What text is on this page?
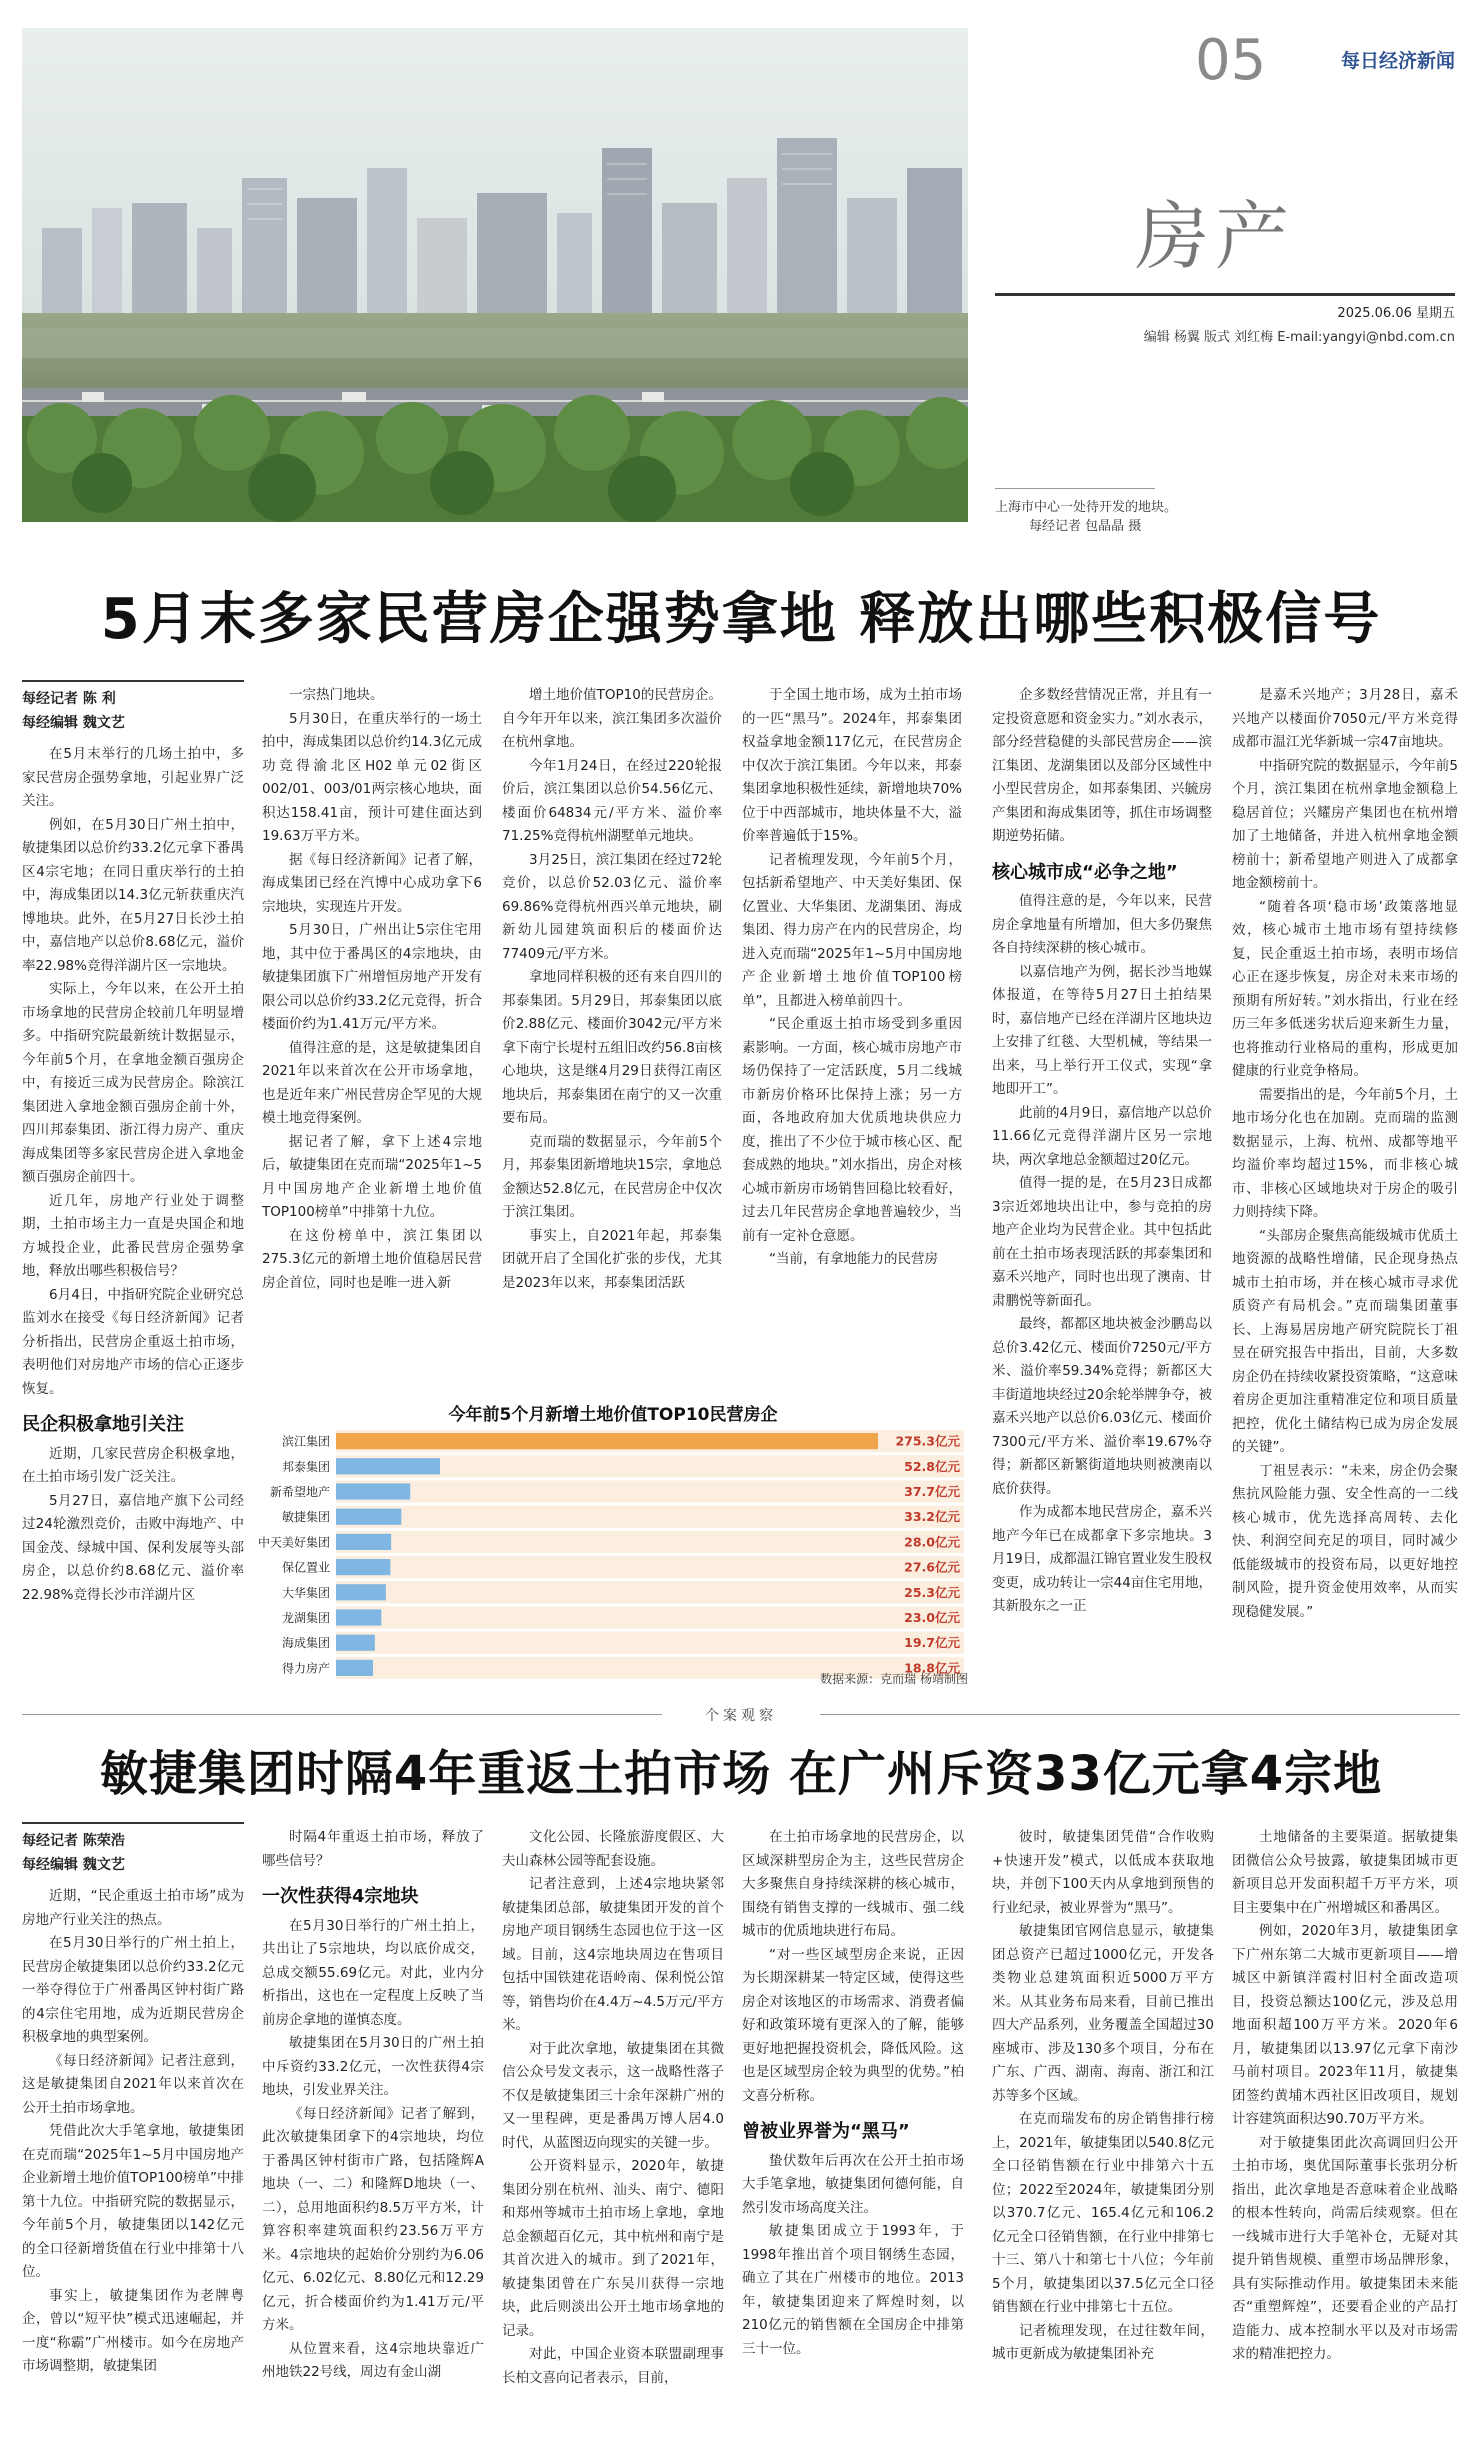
05	每日经济新闻
房产
2025.06.06 星期五
编辑 杨翼 版式 刘红梅 E-mail:yangyi@nbd.com.cn
上海市中心一处待开发的地块。
每经记者 包晶晶 摄
5月末多家民营房企强势拿地 释放出哪些积极信号

每经记者 陈 利

每经编辑 魏文艺

在5月末举行的几场土拍中，多家民营房企强势拿地，引起业界广泛关注。

例如，在5月30日广州土拍中，敏捷集团以总价约33.2亿元拿下番禺区4宗宅地；在同日重庆举行的土拍中，海成集团以14.3亿元斩获重庆汽博地块。此外，在5月27日长沙土拍中，嘉信地产以总价8.68亿元，溢价率22.98%竞得洋湖片区一宗地块。

实际上，今年以来，在公开土拍市场拿地的民营房企较前几年明显增多。中指研究院最新统计数据显示，今年前5个月，在拿地金额百强房企中，有接近三成为民营房企。除滨江集团进入拿地金额百强房企前十外，四川邦泰集团、浙江得力房产、重庆海成集团等多家民营房企进入拿地金额百强房企前四十。

近几年，房地产行业处于调整期，土拍市场主力一直是央国企和地方城投企业，此番民营房企强势拿地，释放出哪些积极信号？

6月4日，中指研究院企业研究总监刘水在接受《每日经济新闻》记者分析指出，民营房企重返土拍市场，表明他们对房地产市场的信心正逐步恢复。

民企积极拿地引关注

近期，几家民营房企积极拿地，在土拍市场引发广泛关注。

5月27日，嘉信地产旗下公司经过24轮激烈竞价，击败中海地产、中国金茂、绿城中国、保利发展等头部房企，以总价约8.68亿元、溢价率22.98%竞得长沙市洋湖片区

一宗热门地块。

5月30日，在重庆举行的一场土拍中，海成集团以总价约14.3亿元成功竞得渝北区H02单元02街区002/01、003/01两宗核心地块，面积达158.41亩，预计可建住面达到19.63万平方米。

据《每日经济新闻》记者了解，海成集团已经在汽博中心成功拿下6宗地块，实现连片开发。

5月30日，广州出让5宗住宅用地，其中位于番禺区的4宗地块，由敏捷集团旗下广州增恒房地产开发有限公司以总价约33.2亿元竞得，折合楼面价约为1.41万元/平方米。

值得注意的是，这是敏捷集团自2021年以来首次在公开市场拿地，也是近年来广州民营房企罕见的大规模土地竞得案例。

据记者了解，拿下上述4宗地后，敏捷集团在克而瑞“2025年1~5月中国房地产企业新增土地价值TOP100榜单”中排第十九位。

在这份榜单中，滨江集团以275.3亿元的新增土地价值稳居民营房企首位，同时也是唯一进入新

增土地价值TOP10的民营房企。自今年开年以来，滨江集团多次溢价在杭州拿地。

今年1月24日，在经过220轮报价后，滨江集团以总价54.56亿元、楼面价64834元/平方米、溢价率71.25%竞得杭州湖墅单元地块。

3月25日，滨江集团在经过72轮竞价，以总价52.03亿元、溢价率69.86%竞得杭州西兴单元地块，刷新幼儿园建筑面积后的楼面价达77409元/平方米。

拿地同样积极的还有来自四川的邦泰集团。5月29日，邦泰集团以底价2.88亿元、楼面价3042元/平方米拿下南宁长堤村五组旧改约56.8亩核心地块，这是继4月29日获得江南区地块后，邦泰集团在南宁的又一次重要布局。

克而瑞的数据显示，今年前5个月，邦泰集团新增地块15宗，拿地总金额达52.8亿元，在民营房企中仅次于滨江集团。

事实上，自2021年起，邦泰集团就开启了全国化扩张的步伐，尤其是2023年以来，邦泰集团活跃

于全国土地市场，成为土拍市场的一匹“黑马”。2024年，邦泰集团权益拿地金额117亿元，在民营房企中仅次于滨江集团。今年以来，邦泰集团拿地积极性延续，新增地块70%位于中西部城市，地块体量不大，溢价率普遍低于15%。

记者梳理发现，今年前5个月，包括新希望地产、中天美好集团、保亿置业、大华集团、龙湖集团、海成集团、得力房产在内的民营房企，均进入克而瑞“2025年1~5月中国房地产企业新增土地价值TOP100榜单”，且都进入榜单前四十。

“民企重返土拍市场受到多重因素影响。一方面，核心城市房地产市场仍保持了一定活跃度，5月二线城市新房价格环比保持上涨；另一方面，各地政府加大优质地块供应力度，推出了不少位于城市核心区、配套成熟的地块。”刘水指出，房企对核心城市新房市场销售回稳比较看好，过去几年民营房企拿地普遍较少，当前有一定补仓意愿。

“当前，有拿地能力的民营房

企多数经营情况正常，并且有一定投资意愿和资金实力。”刘水表示，部分经营稳健的头部民营房企——滨江集团、龙湖集团以及部分区域性中小型民营房企，如邦泰集团、兴毓房产集团和海成集团等，抓住市场调整期逆势拓储。

核心城市成“必争之地”

值得注意的是，今年以来，民营房企拿地量有所增加，但大多仍聚焦各自持续深耕的核心城市。

以嘉信地产为例，据长沙当地媒体报道，在等待5月27日土拍结果时，嘉信地产已经在洋湖片区地块边上安排了红毯、大型机械，等结果一出来，马上举行开工仪式，实现“拿地即开工”。

此前的4月9日，嘉信地产以总价11.66亿元竞得洋湖片区另一宗地块，两次拿地总金额超过20亿元。

值得一提的是，在5月23日成都3宗近郊地块出让中，参与竞拍的房地产企业均为民营企业。其中包括此前在土拍市场表现活跃的邦泰集团和嘉禾兴地产，同时也出现了澳南、甘肃鹏悦等新面孔。

最终，都都区地块被金沙鹏岛以总价3.42亿元、楼面价7250元/平方米、溢价率59.34%竞得；新都区大丰街道地块经过20余轮举牌争夺，被嘉禾兴地产以总价6.03亿元、楼面价7300元/平方米、溢价率19.67%夺得；新都区新繁街道地块则被澳南以底价获得。

作为成都本地民营房企，嘉禾兴地产今年已在成都拿下多宗地块。3月19日，成都温江锦官置业发生股权变更，成功转让一宗44亩住宅用地，其新股东之一正

是嘉禾兴地产；3月28日，嘉禾兴地产以楼面价7050元/平方米竞得成都市温江光华新城一宗47亩地块。

中指研究院的数据显示，今年前5个月，滨江集团在杭州拿地金额稳上稳居首位；兴耀房产集团也在杭州增加了土地储备，并进入杭州拿地金额榜前十；新希望地产则进入了成都拿地金额榜前十。

“随着各项‘稳市场’政策落地显效，核心城市土地市场有望持续修复，民企重返土拍市场，表明市场信心正在逐步恢复，房企对未来市场的预期有所好转。”刘水指出，行业在经历三年多低迷劣状后迎来新生力量，也将推动行业格局的重构，形成更加健康的行业竞争格局。

需要指出的是，今年前5个月，土地市场分化也在加剧。克而瑞的监测数据显示，上海、杭州、成都等地平均溢价率均超过15%，而非核心城市、非核心区域地块对于房企的吸引力则持续下降。

“头部房企聚焦高能级城市优质土地资源的战略性增储，民企现身热点城市土拍市场，并在核心城市寻求优质资产有局机会。”克而瑞集团董事长、上海易居房地产研究院院长丁祖昱在研究报告中指出，目前，大多数房企仍在持续收紧投资策略，“这意味着房企更加注重精准定位和项目质量把控，优化土储结构已成为房企发展的关键”。

丁祖昱表示：“未来，房企仍会聚焦抗风险能力强、安全性高的一二线核心城市，优先选择高周转、去化快、利润空间充足的项目，同时减少低能级城市的投资布局，以更好地控制风险，提升资金使用效率，从而实现稳健发展。”

今年前5个月新增土地价值TOP10民营房企
滨江集团	275.3亿元
邦泰集团	52.8亿元
新希望地产	37.7亿元
敏捷集团	33.2亿元
中天美好集团	28.0亿元
保亿置业	27.6亿元
大华集团	25.3亿元
龙湖集团	23.0亿元
海成集团	19.7亿元
得力房产	18.8亿元
数据来源：克而瑞 杨靖制图
个案观察
敏捷集团时隔4年重返土拍市场 在广州斥资33亿元拿4宗地

每经记者 陈荣浩

每经编辑 魏文艺

近期，“民企重返土拍市场”成为房地产行业关注的热点。

在5月30日举行的广州土拍上，民营房企敏捷集团以总价约33.2亿元一举夺得位于广州番禺区钟村街广路的4宗住宅用地，成为近期民营房企积极拿地的典型案例。

《每日经济新闻》记者注意到，这是敏捷集团自2021年以来首次在公开土拍市场拿地。

凭借此次大手笔拿地，敏捷集团在克而瑞“2025年1~5月中国房地产企业新增土地价值TOP100榜单”中排第十九位。中指研究院的数据显示，今年前5个月，敏捷集团以142亿元的全口径新增货值在行业中排第十八位。

事实上，敏捷集团作为老牌粤企，曾以“短平快”模式迅速崛起，并一度“称霸”广州楼市。如今在房地产市场调整期，敏捷集团

时隔4年重返土拍市场，释放了哪些信号？

一次性获得4宗地块

在5月30日举行的广州土拍上，共出让了5宗地块，均以底价成交，总成交额55.69亿元。对此，业内分析指出，这也在一定程度上反映了当前房企拿地的谨慎态度。

敏捷集团在5月30日的广州土拍中斥资约33.2亿元，一次性获得4宗地块，引发业界关注。

《每日经济新闻》记者了解到，此次敏捷集团拿下的4宗地块，均位于番禺区钟村街市广路，包括隆辉A地块（一、二）和隆辉D地块（一、二），总用地面积约8.5万平方米，计算容积率建筑面积约23.56万平方米。4宗地块的起始价分别约为6.06亿元、6.02亿元、8.80亿元和12.29亿元，折合楼面价约为1.41万元/平方米。

从位置来看，这4宗地块靠近广州地铁22号线，周边有金山湖

文化公园、长隆旅游度假区、大夫山森林公园等配套设施。

记者注意到，上述4宗地块紧邻敏捷集团总部，敏捷集团开发的首个房地产项目钢绣生态园也位于这一区域。目前，这4宗地块周边在售项目包括中国铁建花语岭南、保利悦公馆等，销售均价在4.4万~4.5万元/平方米。

对于此次拿地，敏捷集团在其微信公众号发文表示，这一战略性落子不仅是敏捷集团三十余年深耕广州的又一里程碑，更是番禺万博人居4.0时代，从蓝图迈向现实的关键一步。

公开资料显示，2020年，敏捷集团分别在杭州、汕头、南宁、德阳和郑州等城市土拍市场上拿地，拿地总金额超百亿元，其中杭州和南宁是其首次进入的城市。到了2021年，敏捷集团曾在广东吴川获得一宗地块，此后则淡出公开土地市场拿地的记录。

对此，中国企业资本联盟副理事长柏文喜向记者表示，目前，

在土拍市场拿地的民营房企，以区域深耕型房企为主，这些民营房企大多聚焦自身持续深耕的核心城市，围绕有销售支撑的一线城市、强二线城市的优质地块进行布局。

“对一些区域型房企来说，正因为长期深耕某一特定区域，使得这些房企对该地区的市场需求、消费者偏好和政策环境有更深入的了解，能够更好地把握投资机会，降低风险。这也是区域型房企较为典型的优势。”柏文喜分析称。

曾被业界誉为“黑马”

蛰伏数年后再次在公开土拍市场大手笔拿地，敏捷集团何德何能，自然引发市场高度关注。

敏捷集团成立于1993年，于1998年推出首个项目钢绣生态园，确立了其在广州楼市的地位。2013年，敏捷集团迎来了辉煌时刻，以210亿元的销售额在全国房企中排第三十一位。

彼时，敏捷集团凭借“合作收购+快速开发”模式，以低成本获取地块，并创下100天内从拿地到预售的行业纪录，被业界誉为“黑马”。

敏捷集团官网信息显示，敏捷集团总资产已超过1000亿元，开发各类物业总建筑面积近5000万平方米。从其业务布局来看，目前已推出四大产品系列，业务覆盖全国超过30座城市、涉及130多个项目，分布在广东、广西、湖南、海南、浙江和江苏等多个区域。

在克而瑞发布的房企销售排行榜上，2021年，敏捷集团以540.8亿元全口径销售额在行业中排第六十五位；2022至2024年，敏捷集团分别以370.7亿元、165.4亿元和106.2亿元全口径销售额，在行业中排第七十三、第八十和第七十八位；今年前5个月，敏捷集团以37.5亿元全口径销售额在行业中排第七十五位。

记者梳理发现，在过往数年间，城市更新成为敏捷集团补充

土地储备的主要渠道。据敏捷集团微信公众号披露，敏捷集团城市更新项目总开发面积超千万平方米，项目主要集中在广州增城区和番禺区。

例如，2020年3月，敏捷集团拿下广州东第二大城市更新项目——增城区中新镇洋霞村旧村全面改造项目，投资总额达100亿元，涉及总用地面积超100万平方米。2020年6月，敏捷集团以13.97亿元拿下南沙马前村项目。2023年11月，敏捷集团签约黄埔木西社区旧改项目，规划计容建筑面积达90.70万平方米。

对于敏捷集团此次高调回归公开土拍市场，奥优国际董事长张玥分析指出，此次拿地是否意味着企业战略的根本性转向，尚需后续观察。但在一线城市进行大手笔补仓，无疑对其提升销售规模、重塑市场品牌形象，具有实际推动作用。敏捷集团未来能否“重塑辉煌”，还要看企业的产品打造能力、成本控制水平以及对市场需求的精准把控力。
